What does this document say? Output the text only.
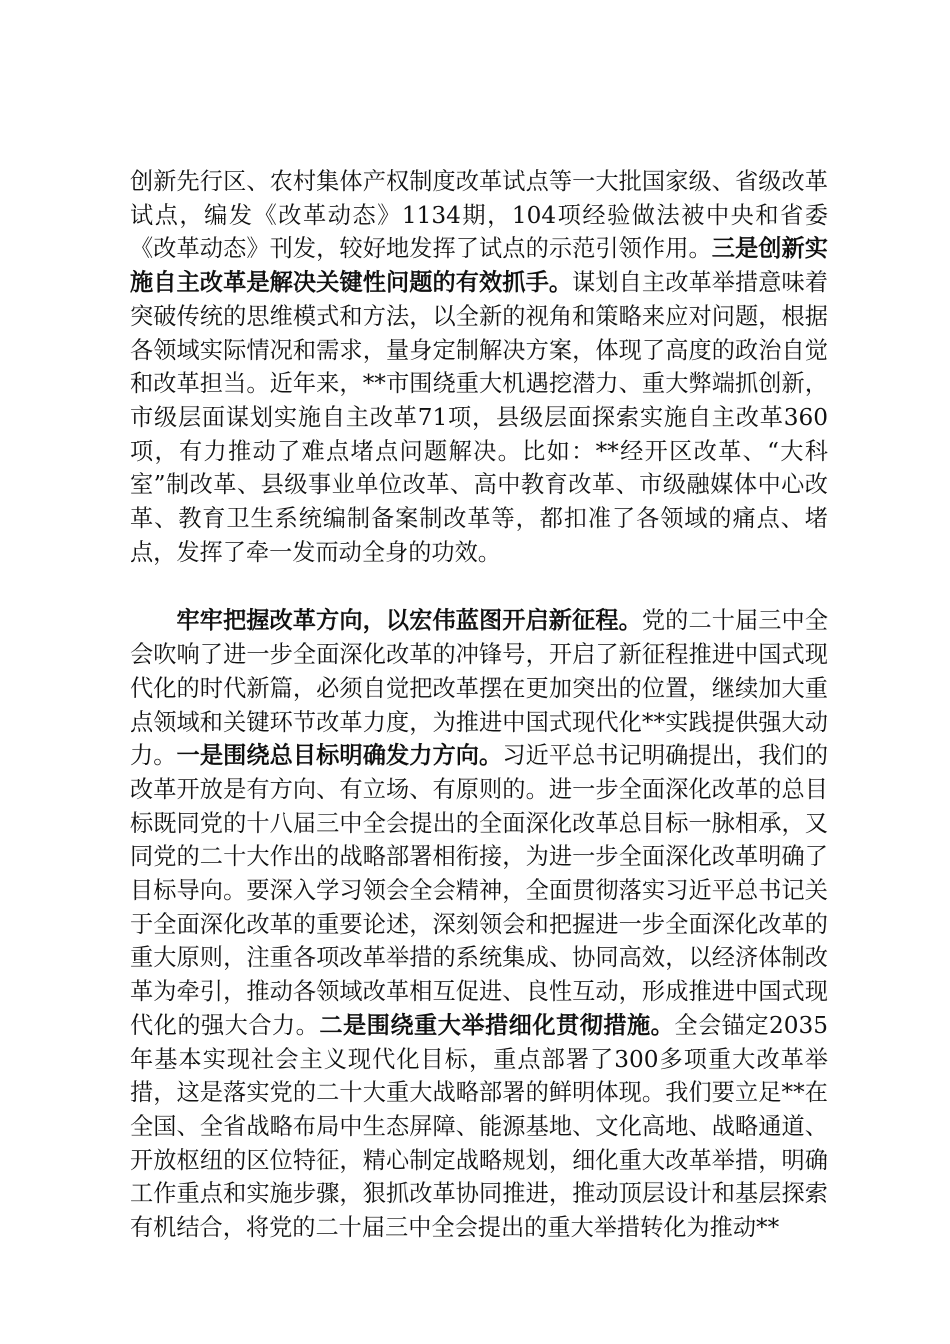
创新先行区、农村集体产权制度改革试点等一大批国家级、省级改革试点，编发《改革动态》1134期，104项经验做法被中央和省委《改革动态》刊发，较好地发挥了试点的示范引领作用。三是创新实施自主改革是解决关键性问题的有效抓手。谋划自主改革举措意味着突破传统的思维模式和方法，以全新的视角和策略来应对问题，根据各领域实际情况和需求，量身定制解决方案，体现了高度的政治自觉和改革担当。近年来，**市围绕重大机遇挖潜力、重大弊端抓创新，市级层面谋划实施自主改革71项，县级层面探索实施自主改革360项，有力推动了难点堵点问题解决。比如：**经开区改革、“大科室”制改革、县级事业单位改革、高中教育改革、市级融媒体中心改革、教育卫生系统编制备案制改革等，都扣准了各领域的痛点、堵点，发挥了牵一发而动全身的功效。

牢牢把握改革方向，以宏伟蓝图开启新征程。党的二十届三中全会吹响了进一步全面深化改革的冲锋号，开启了新征程推进中国式现代化的时代新篇，必须自觉把改革摆在更加突出的位置，继续加大重点领域和关键环节改革力度，为推进中国式现代化**实践提供强大动力。一是围绕总目标明确发力方向。习近平总书记明确提出，我们的改革开放是有方向、有立场、有原则的。进一步全面深化改革的总目标既同党的十八届三中全会提出的全面深化改革总目标一脉相承，又同党的二十大作出的战略部署相衔接，为进一步全面深化改革明确了目标导向。要深入学习领会全会精神，全面贯彻落实习近平总书记关于全面深化改革的重要论述，深刻领会和把握进一步全面深化改革的重大原则，注重各项改革举措的系统集成、协同高效，以经济体制改革为牵引，推动各领域改革相互促进、良性互动，形成推进中国式现代化的强大合力。二是围绕重大举措细化贯彻措施。全会锚定2035年基本实现社会主义现代化目标，重点部署了300多项重大改革举措，这是落实党的二十大重大战略部署的鲜明体现。我们要立足**在全国、全省战略布局中生态屏障、能源基地、文化高地、战略通道、开放枢纽的区位特征，精心制定战略规划，细化重大改革举措，明确工作重点和实施步骤，狠抓改革协同推进，推动顶层设计和基层探索有机结合，将党的二十届三中全会提出的重大举措转化为推动**
